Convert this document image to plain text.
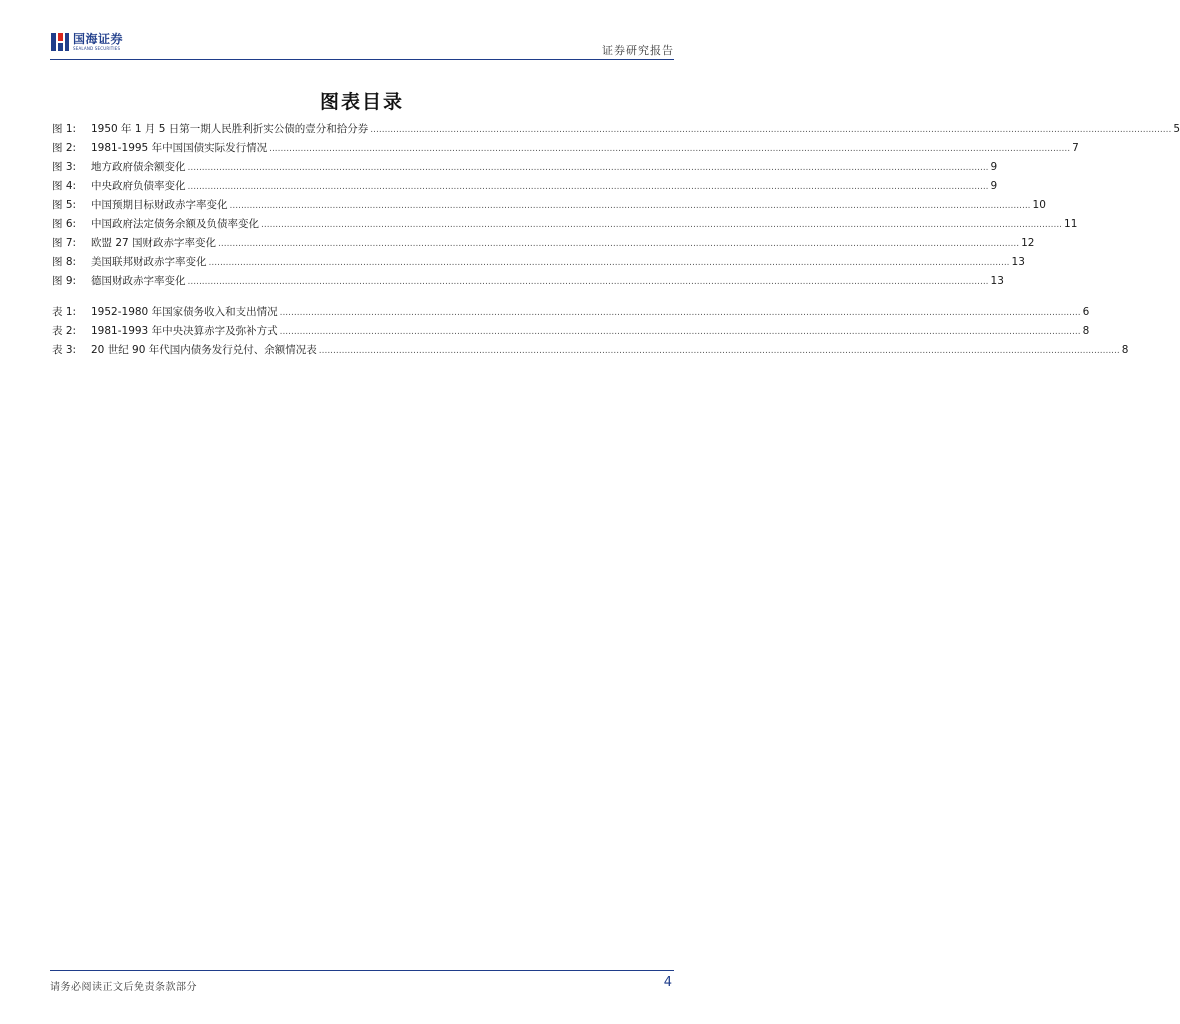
国海证券
SEALAND SECURITIES	证券研究报告
图表目录
图 1:	1950 年 1 月 5 日第一期人民胜利折实公债的壹分和拾分券 .....	5
图 2:	1981-1995 年中国国债实际发行情况 .....	7
图 3:	地方政府债余额变化 .....	9
图 4:	中央政府负债率变化 .....	9
图 5:	中国预期目标财政赤字率变化 .....	10
图 6:	中国政府法定债务余额及负债率变化 .....	11
图 7:	欧盟 27 国财政赤字率变化 .....	12
图 8:	美国联邦财政赤字率变化 .....	13
图 9:	德国财政赤字率变化 .....	13
表 1:	1952-1980 年国家债务收入和支出情况 .....	6
表 2:	1981-1993 年中央决算赤字及弥补方式 .....	8
表 3:	20 世纪 90 年代国内债务发行兑付、余额情况表 .....	8
请务必阅读正文后免责条款部分	4
